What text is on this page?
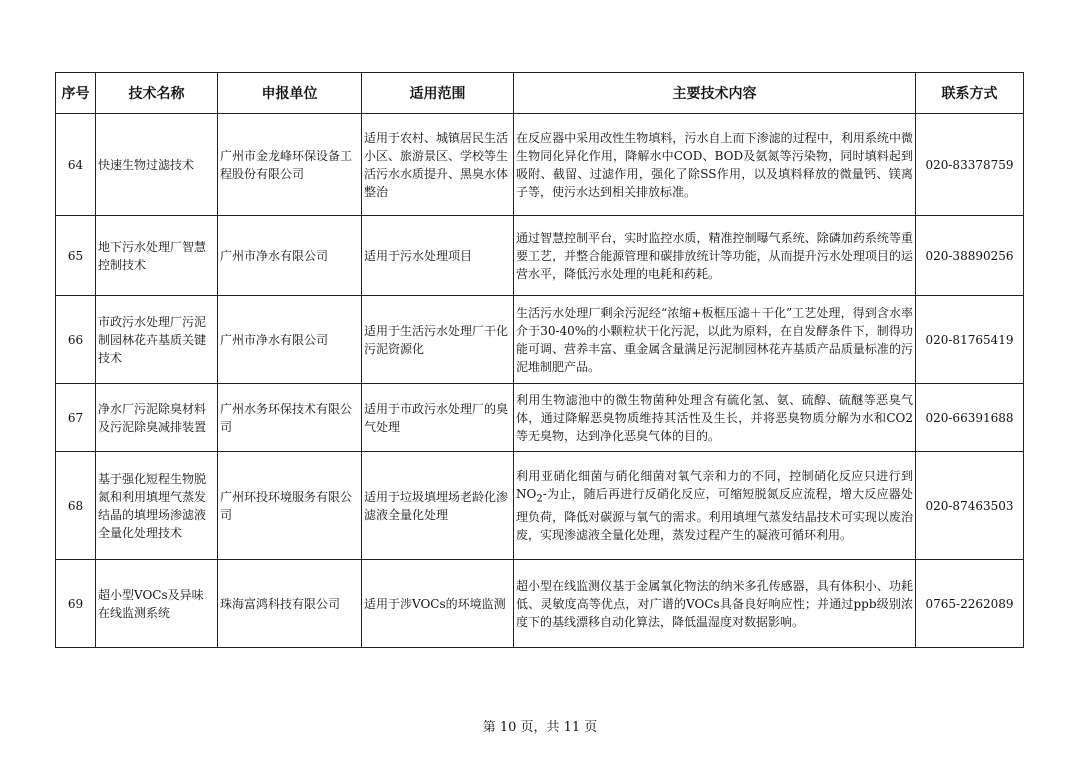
序号	技术名称	申报单位	适用范围	主要技术内容	联系方式
64	快速生物过滤技术	广州市金龙峰环保设备工程股份有限公司	适用于农村、城镇居民生活小区、旅游景区、学校等生活污水水质提升、黑臭水体整治	在反应器中采用改性生物填料，污水自上而下渗滤的过程中，利用系统中微生物同化异化作用，降解水中COD、BOD及氨氮等污染物，同时填料起到吸附、截留、过滤作用，强化了除SS作用，以及填料释放的微量钙、镁离子等，使污水达到相关排放标准。	020-83378759
65	地下污水处理厂智慧控制技术	广州市净水有限公司	适用于污水处理项目	通过智慧控制平台，实时监控水质，精准控制曝气系统、除磷加药系统等重要工艺，并整合能源管理和碳排放统计等功能，从而提升污水处理项目的运营水平，降低污水处理的电耗和药耗。	020-38890256
66	市政污水处理厂污泥制园林花卉基质关键技术	广州市净水有限公司	适用于生活污水处理厂干化污泥资源化	生活污水处理厂剩余污泥经“浓缩+板框压滤＋干化”工艺处理，得到含水率介于30-40%的小颗粒状干化污泥，以此为原料，在自发酵条件下，制得功能可调、营养丰富、重金属含量满足污泥制园林花卉基质产品质量标准的污泥堆制肥产品。	020-81765419
67	净水厂污泥除臭材料及污泥除臭减排装置	广州水务环保技术有限公司	适用于市政污水处理厂的臭气处理	利用生物滤池中的微生物菌种处理含有硫化氢、氨、硫醇、硫醚等恶臭气体，通过降解恶臭物质维持其活性及生长，并将恶臭物质分解为水和CO2等无臭物，达到净化恶臭气体的目的。	020-66391688
68	基于强化短程生物脱氮和利用填埋气蒸发结晶的填埋场渗滤液全量化处理技术	广州环投环境服务有限公司	适用于垃圾填埋场老龄化渗滤液全量化处理	利用亚硝化细菌与硝化细菌对氧气亲和力的不同，控制硝化反应只进行到$NO_2-$为止，随后再进行反硝化反应，可缩短脱氮反应流程，增大反应器处理负荷，降低对碳源与氧气的需求。利用填埋气蒸发结晶技术可实现以废治废，实现渗滤液全量化处理，蒸发过程产生的凝液可循环利用。	020-87463503
69	超小型VOCs及异味在线监测系统	珠海富鸿科技有限公司	适用于涉VOCs的环境监测	超小型在线监测仪基于金属氧化物法的纳米多孔传感器，具有体积小、功耗低、灵敏度高等优点，对广谱的VOCs具备良好响应性；并通过ppb级别浓度下的基线漂移自动化算法，降低温湿度对数据影响。	0765-2262089
第 10 页，共 11 页
